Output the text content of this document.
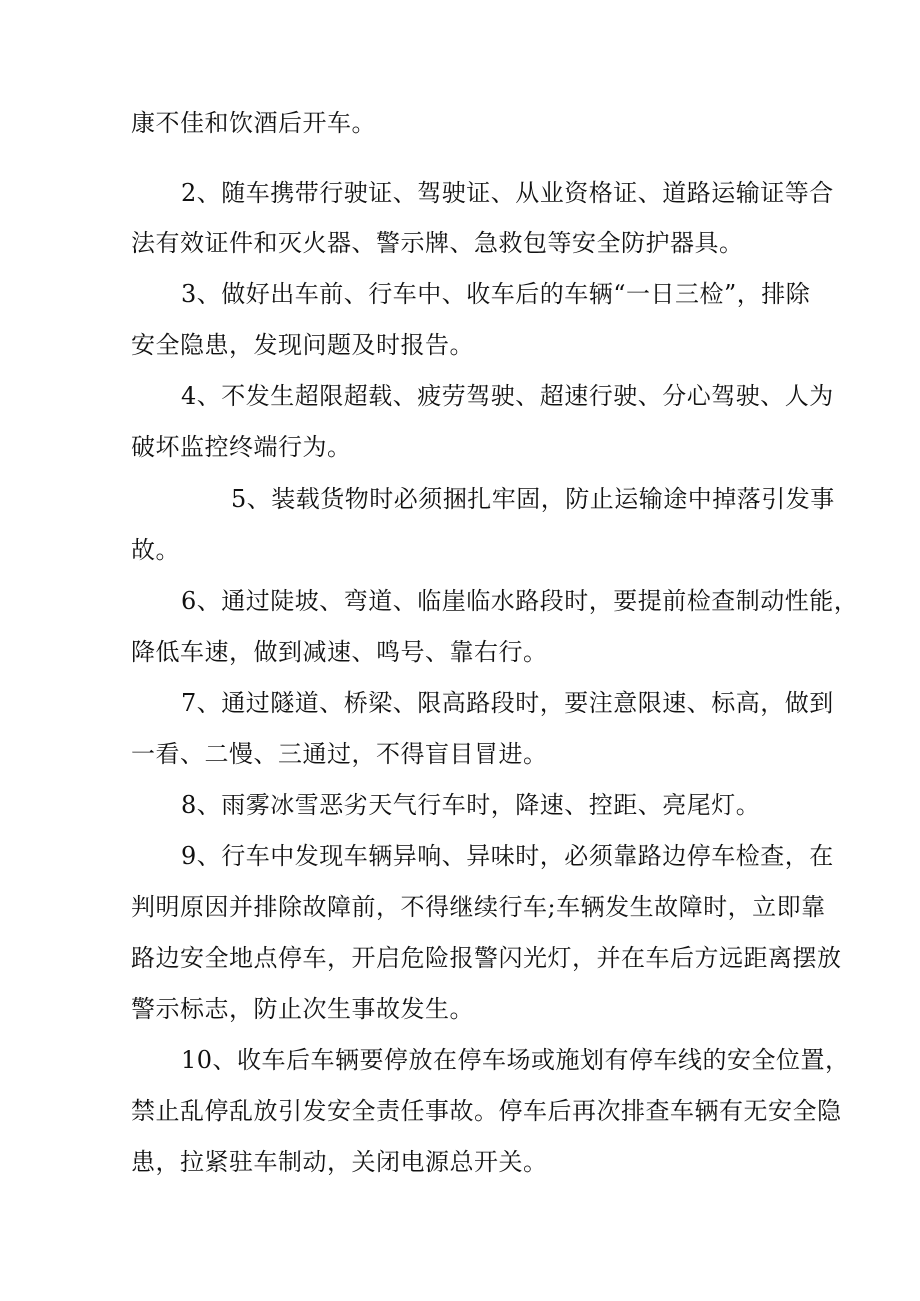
康不佳和饮酒后开车。
2、随车携带行驶证、驾驶证、从业资格证、道路运输证等合
法有效证件和灭火器、警示牌、急救包等安全防护器具。
3、做好出车前、行车中、收车后的车辆“一日三检”，排除
安全隐患，发现问题及时报告。
4、不发生超限超载、疲劳驾驶、超速行驶、分心驾驶、人为
破坏监控终端行为。
5、装载货物时必须捆扎牢固，防止运输途中掉落引发事
故。
6、通过陡坡、弯道、临崖临水路段时，要提前检查制动性能，
降低车速，做到减速、鸣号、靠右行。
7、通过隧道、桥梁、限高路段时，要注意限速、标高，做到
一看、二慢、三通过，不得盲目冒进。
8、雨雾冰雪恶劣天气行车时，降速、控距、亮尾灯。
9、行车中发现车辆异响、异味时，必须靠路边停车检查，在
判明原因并排除故障前，不得继续行车;车辆发生故障时，立即靠
路边安全地点停车，开启危险报警闪光灯，并在车后方远距离摆放
警示标志，防止次生事故发生。
10、收车后车辆要停放在停车场或施划有停车线的安全位置，
禁止乱停乱放引发安全责任事故。停车后再次排查车辆有无安全隐
患，拉紧驻车制动，关闭电源总开关。
